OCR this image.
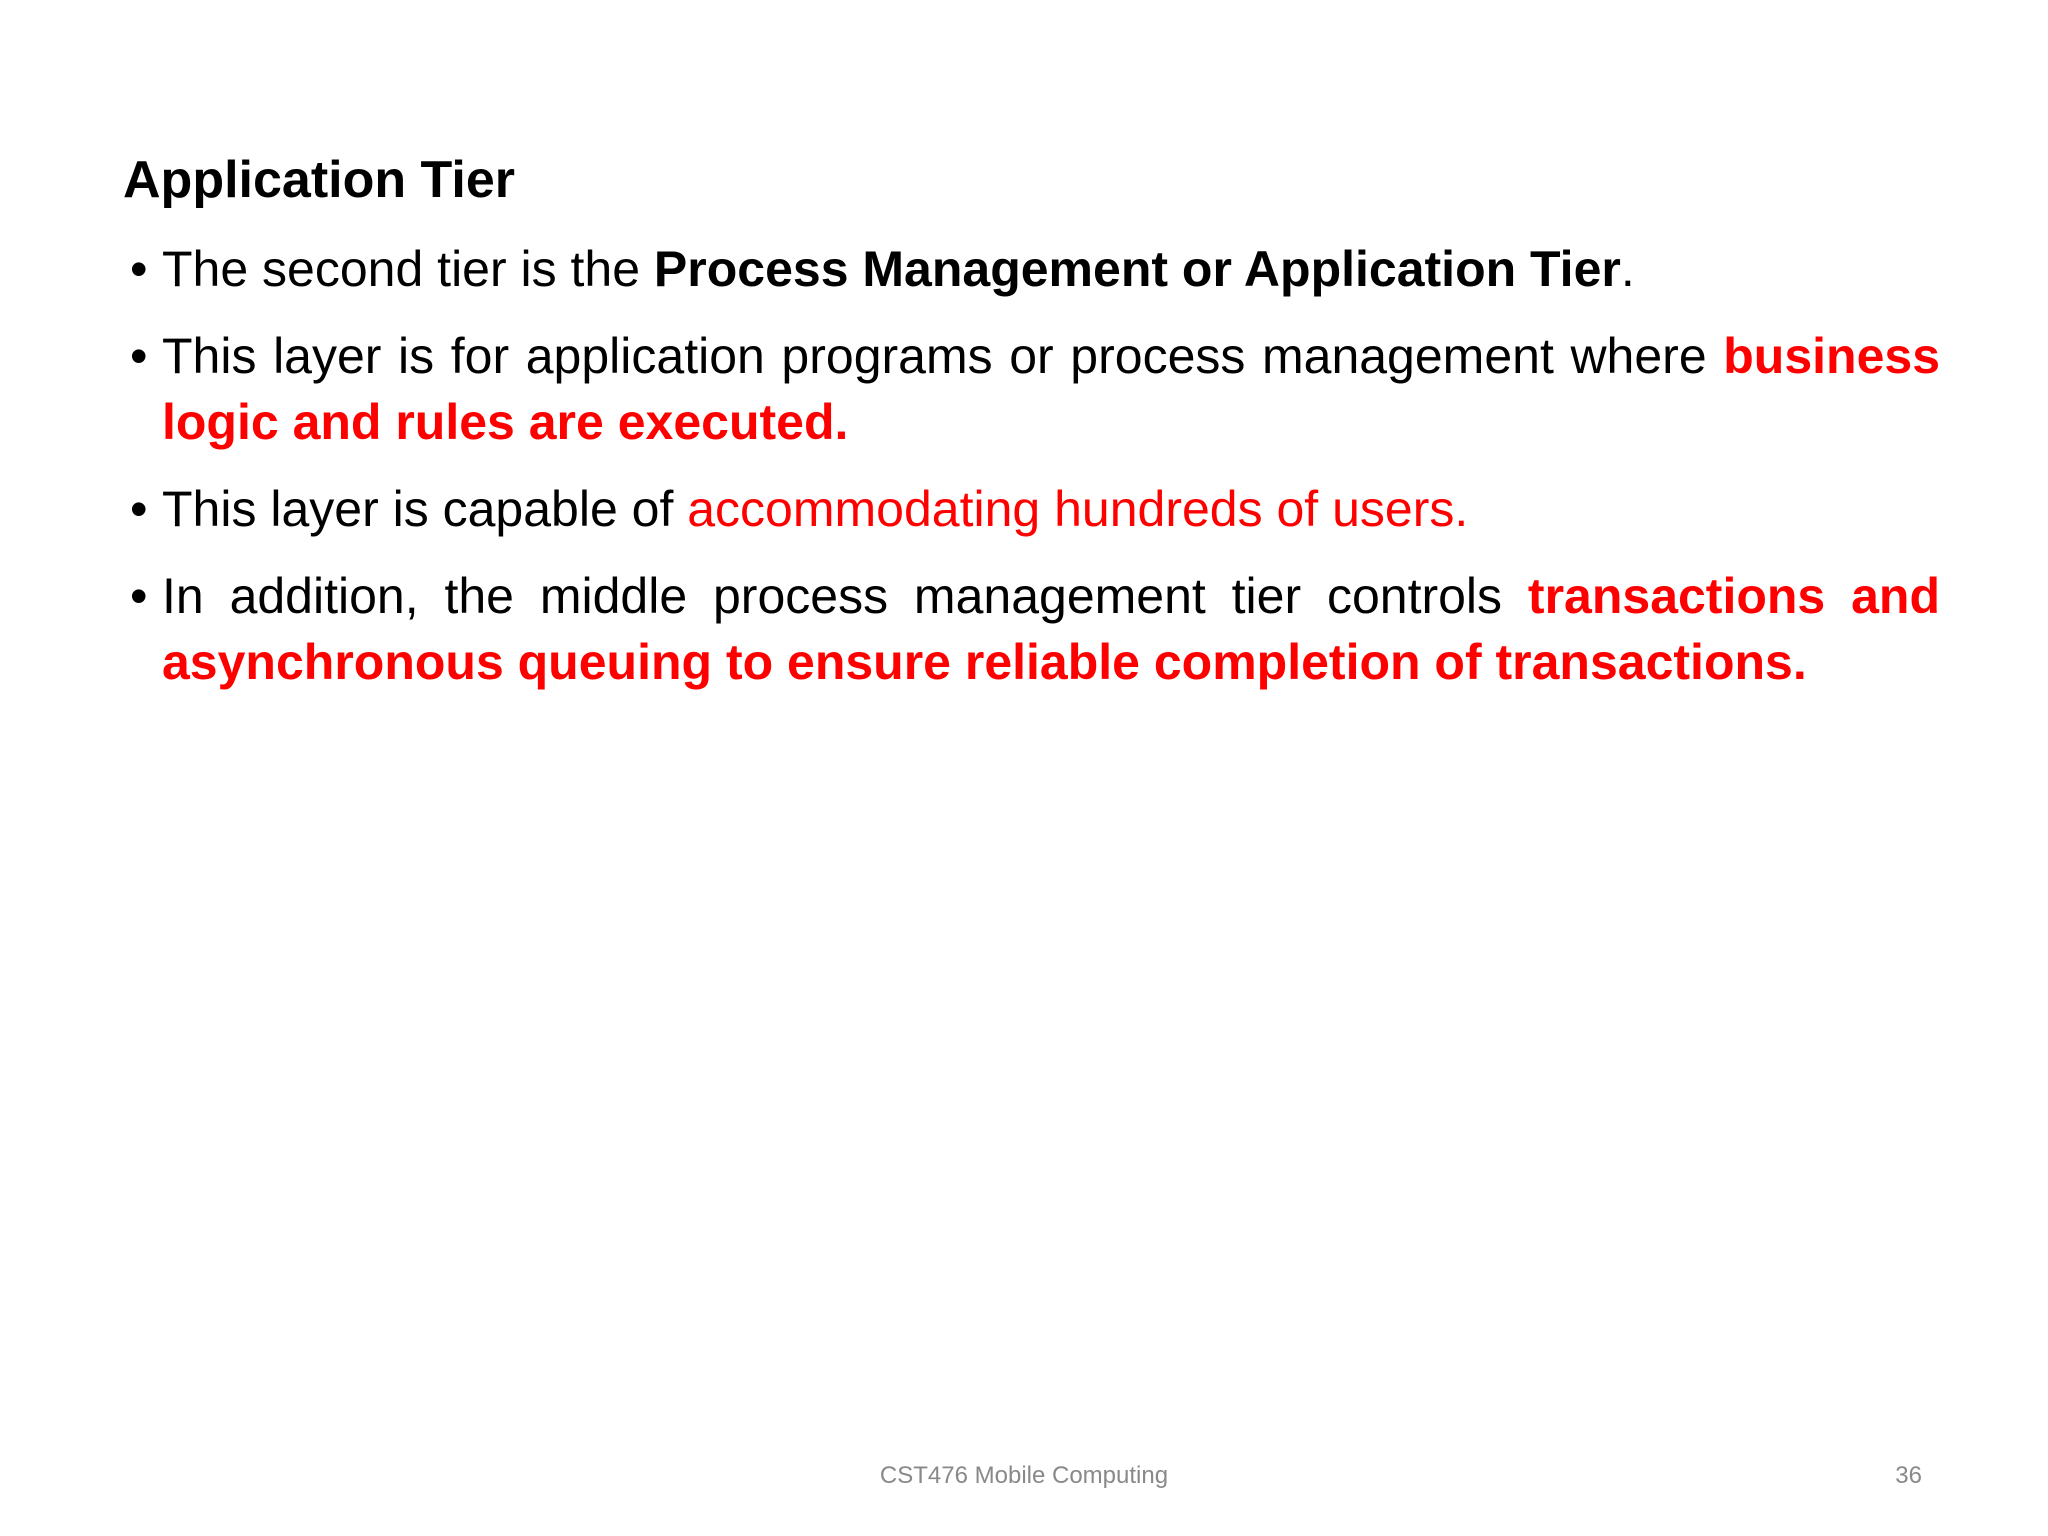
Application Tier
• The second tier is the Process Management or Application Tier.
• This layer is for application programs or process management where business logic and rules are executed.
• This layer is capable of accommodating hundreds of users.
• In addition, the middle process management tier controls transactions and asynchronous queuing to ensure reliable completion of transactions.
CST476 Mobile Computing	36
